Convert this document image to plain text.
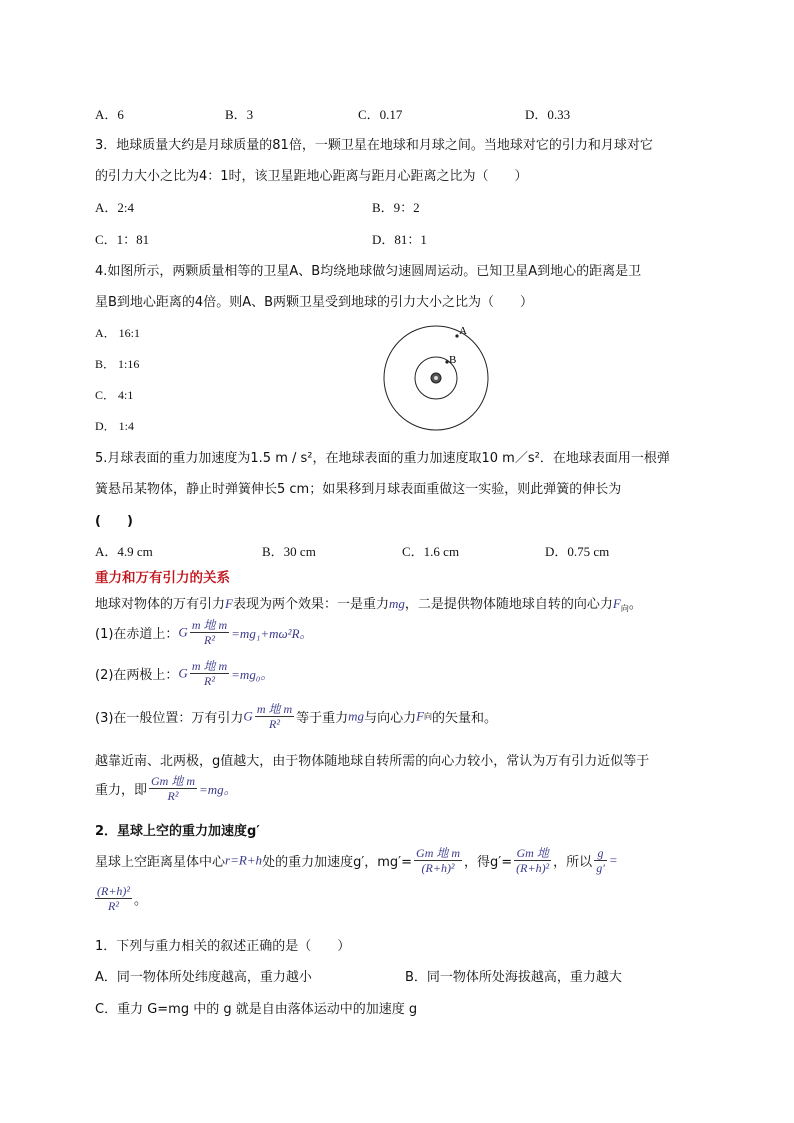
A．6	B．3	C．0.17	D．0.33
3．地球质量大约是月球质量的81倍，一颗卫星在地球和月球之间。当地球对它的引力和月球对它
的引力大小之比为4：1时，该卫星距地心距离与距月心距离之比为（　　）
A．2:4	B．9：2
C．1：81	D．81：1
4.如图所示，两颗质量相等的卫星A、B均绕地球做匀速圆周运动。已知卫星A到地心的距离是卫
星B到地心距离的4倍。则A、B两颗卫星受到地球的引力大小之比为（　　）
A． 16:1
B． 1:16
C． 4:1
D． 1:4
A
B
5.月球表面的重力加速度为1.5 m / s²，在地球表面的重力加速度取10 m／s²．在地球表面用一根弹
簧悬吊某物体，静止时弹簧伸长5 cm；如果移到月球表面重做这一实验，则此弹簧的伸长为
(　　)
A．4.9 cm	B．30 cm	C．1.6 cm	D．0.75 cm
重力和万有引力的关系
地球对物体的万有引力F表现为两个效果：一是重力mg，二是提供物体随地球自转的向心力$F_向$。
(1)在赤道上：G $\frac{\text{m 地 m}}{\text{R²}} =mg_1+m\omega^2R$。
(2)在两极上：G $\frac{\text{m 地 m}}{\text{R²}} =mg_0$。
(3)在一般位置：万有引力G $\frac{\text{m 地 m}}{\text{R²}}$ 等于重力mg与向心力F向的矢量和。
越靠近南、北两极，g值越大，由于物体随地球自转所需的向心力较小，常认为万有引力近似等于
重力，即 $\frac{\text{Gm 地 m}}{\text{R²}} =mg$。
2．星球上空的重力加速度g′
星球上空距离星体中心r=R+h处的重力加速度g′，$mg'= \frac{\text{Gm 地 m}}{\text{(R+h)²}}$ ，得$g'= \frac{\text{Gm 地}}{\text{(R+h)²}}$ ，所以 $\frac{g}{g'}$ =
$\frac{\text{(R+h)²}}{\text{R²}}$ 。
1．下列与重力相关的叙述正确的是（　　）
A．同一物体所处纬度越高，重力越小	B．同一物体所处海拔越高，重力越大
C．重力 G=mg 中的 g 就是自由落体运动中的加速度 g
